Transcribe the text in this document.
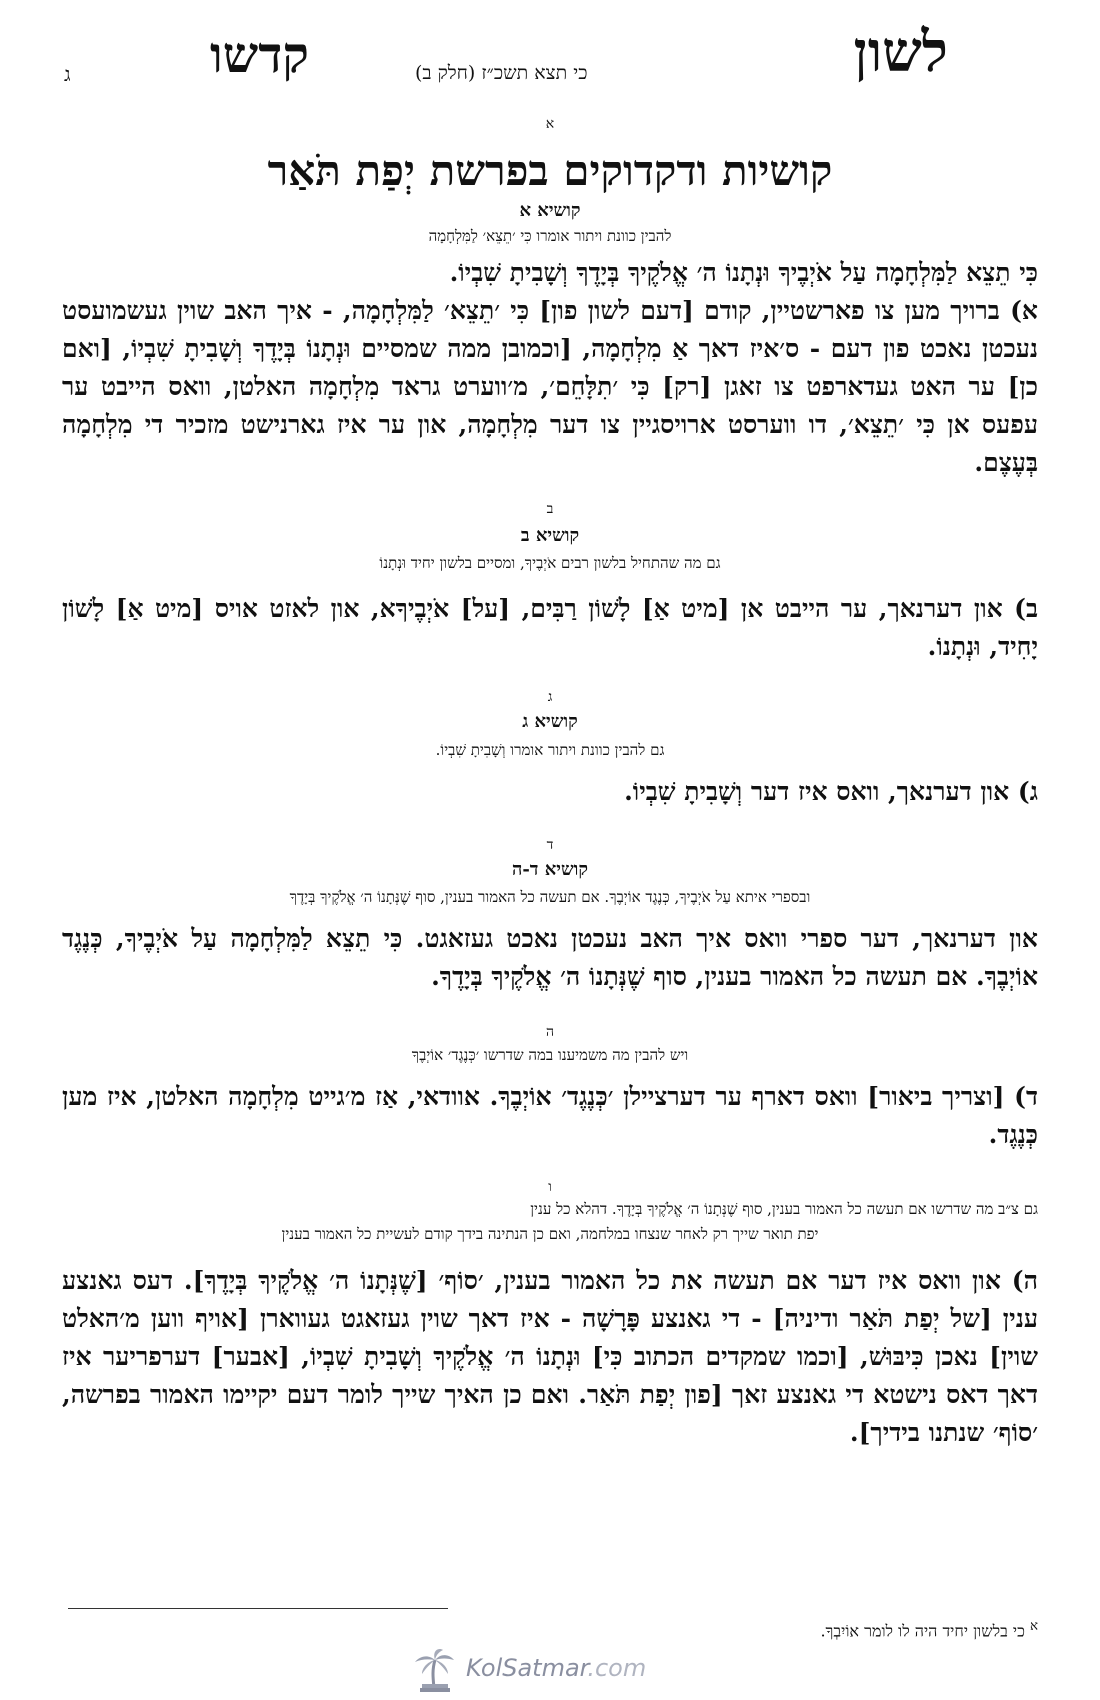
לשון
כי תצא תשכ״ז (חלק ב)
קדשו
ג
א
קושיות ודקדוקים בפרשת יְפַת תֹּאַר
קושיא א
להבין כוונת ויתור אומרו כִּי ׳תֵצֵא׳ לַמִּלְחָמָה
כִּי תֵצֵא לַמִּלְחָמָה עַל אֹיְבֶיךָ וּנְתָנוֹ ה׳ אֱלֹקֶיךָ בְּיָדֶךָ וְשָׁבִיתָ שִׁבְיוֹ.
א) ברויך מען צו פארשטיין, קודם [דעם לשון פון] כִּי ׳תֵצֵא׳ לַמִּלְחָמָה, - איך האב שוין געשמועסט נעכטן נאכט פון דעם - ס׳איז דאך אַ מִלְחָמָה, [וכמובן ממה שמסיים וּנְתָנוֹ בְּיָדֶךָ וְשָׁבִיתָ שִׁבְיוֹ, [ואם כן] ער האט געדארפט צו זאגן [רק] כִּי ׳תִלָּחֵם׳, מ׳ווערט גראד מִלְחָמָה האלטן, וואס הייבט ער עפעס אן כִּי ׳תֵצֵא׳, דו ווערסט ארויסגיין צו דער מִלְחָמָה, און ער איז גארנישט מזכיר די מִלְחָמָה בְּעֶצֶם.
ב
קושיא ב
גם מה שהתחיל בלשון רבים אֹיְבֶיךָ, ומסיים בלשון יחיד וּנְתָנוֹ
ב) און דערנאך, ער הייבט אן [מיט אַ] לָשׁוֹן רַבִּים, [על] אֹיְבֶיךָא, און לאזט אויס [מיט אַ] לָשׁוֹן יָחִיד, וּנְתָנוֹ.
ג
קושיא ג
גם להבין כוונת ויתור אומרו וְשָׁבִיתָ שִׁבְיוֹ.
ג) און דערנאך, וואס איז דער וְשָׁבִיתָ שִׁבְיוֹ.
ד
קושיא ד-ה
ובספרי איתא עַל אֹיְבֶיךָ, כְּנֶגֶד אוֹיְבֶךָ. אם תעשה כל האמור בענין, סוף שֶׁנְּתָנוֹ ה׳ אֱלֹקֶיךָ בְּיָדֶךָ
און דערנאך, דער ספרי וואס איך האב נעכטן נאכט געזאגט. כִּי תֵצֵא לַמִּלְחָמָה עַל אֹיְבֶיךָ, כְּנֶגֶד אוֹיְבֶךָ. אם תעשה כל האמור בענין, סוף שֶׁנְּתָנוֹ ה׳ אֱלֹקֶיךָ בְּיָדֶךָ.
ה
ויש להבין מה משמיענו במה שדרשו ׳כְּנֶגֶד׳ אוֹיְבֶךָ
ד) [וצריך ביאור] וואס דארף ער דערציילן ׳כְּנֶגֶד׳ אוֹיְבֶךָ. אוודאי, אַז מ׳גייט מִלְחָמָה האלטן, איז מען כְּנֶגֶד.
ו
גם צ״ב מה שדרשו אם תעשה כל האמור בענין, סוף שֶׁנְּתָנוֹ ה׳ אֱלֹקֶיךָ בְּיָדֶךָ. דהלא כל ענין
יפת תואר שייך רק לאחר שנצחו במלחמה, ואם כן הנתינה בידך קודם לעשיית כל האמור בענין
ה) און וואס איז דער אם תעשה את כל האמור בענין, ׳סוֹף׳ [שֶׁנְּתָנוֹ ה׳ אֱלֹקֶיךָ בְּיָדֶךָ]. דעס גאנצע ענין [של יְפַת תֹּאַר ודיניה] - די גאנצע פָּרָשָׁה - איז דאך שוין געזאגט געווארן [אויף ווען מ׳האלט שוין] נאכן כִּיבּוּשׁ, [וכמו שמקדים הכתוב כִּי] וּנְתָנוֹ ה׳ אֱלֹקֶיךָ וְשָׁבִיתָ שִׁבְיוֹ, [אבער] דערפריער איז דאך דאס נישטא די גאנצע זאך [פון יְפַת תֹּאַר. ואם כן האיך שייך לומר דעם יקיימו האמור בפרשה, ׳סוֹף׳ שנתנו בידיך].
$^א$ כי בלשון יחיד היה לו לומר אוֹיִבְךָ.
KolSatmar.com
